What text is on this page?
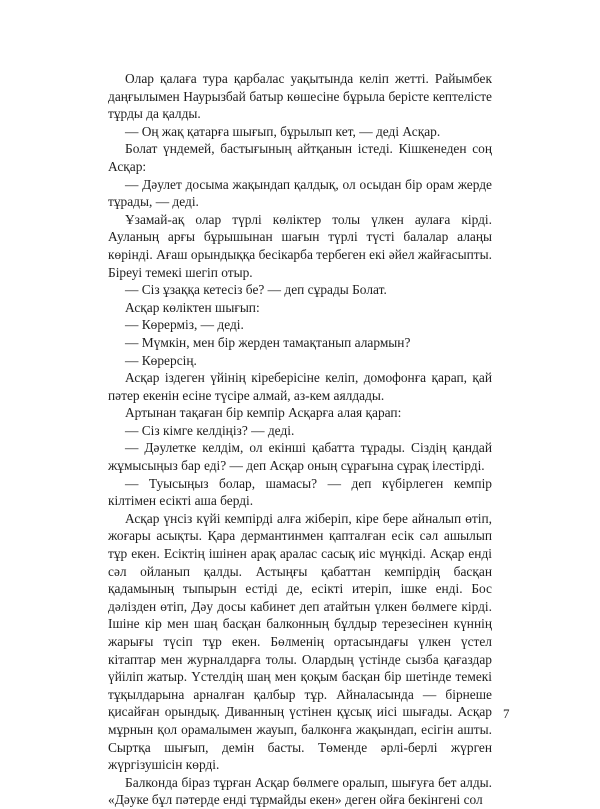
Олар қалаға тура қарбалас уақытында келіп жетті. Райымбек даңғылымен Наурызбай батыр көшесіне бұрыла берісте кептелісте тұрды да қалды.

— Оң жақ қатарға шығып, бұрылып кет, — деді Асқар.

Болат үндемей, бастығының айтқанын істеді. Кішкенеден соң Асқар:

— Дәулет досыма жақындап қалдық, ол осыдан бір орам жерде тұрады, — деді.

Ұзамай-ақ олар түрлі көліктер толы үлкен аулаға кірді. Ауланың арғы бұрышынан шағын түрлі түсті балалар алаңы көрінді. Ағаш орындыққа бесікарба тербеген екі әйел жайғасыпты. Біреуі темекі шегіп отыр.

— Сіз ұзаққа кетесіз бе? — деп сұрады Болат.

Асқар көліктен шығып:

— Көрерміз, — деді.

— Мүмкін, мен бір жерден тамақтанып алармын?

— Көрерсің.

Асқар іздеген үйінің кіреберісіне келіп, домофонға қарап, қай пәтер екенін есіне түсіре алмай, аз-кем аялдады.

Артынан тақаған бір кемпір Асқарға алая қарап:

— Сіз кімге келдіңіз? — деді.

— Дәулетке келдім, ол екінші қабатта тұрады. Сіздің қандай жұмысыңыз бар еді? — деп Асқар оның сұрағына сұрақ ілестірді.

— Туысыңыз болар, шамасы? — деп күбірлеген кемпір кілтімен есікті аша берді.

Асқар үнсіз күйі кемпірді алға жіберіп, кіре бере айналып өтіп, жоғары асықты. Қара дермантинмен қапталған есік сәл ашылып тұр екен. Есіктің ішінен арақ аралас сасық иіс мүңкіді. Асқар енді сәл ойланып қалды. Астыңғы қабаттан кемпірдің басқан қадамының тыпырын естіді де, есікті итеріп, ішке енді. Бос дәлізден өтіп, Дәу досы кабинет деп атайтын үлкен бөлмеге кірді. Ішіне кір мен шаң басқан балконның бұлдыр терезесінен күннің жарығы түсіп тұр екен. Бөлменің ортасындағы үлкен үстел кітаптар мен журналдарға толы. Олардың үстінде сызба қағаздар үйіліп жатыр. Үстелдің шаң мен қоқым басқан бір шетінде темекі тұқылдарына арналған қалбыр тұр. Айналасында — бірнеше қисайған орындық. Диванның үстінен құсық иісі шығады. Асқар мұрнын қол орамалымен жауып, балконға жақындап, есігін ашты. Сыртқа шығып, демін басты. Төменде әрлі-берлі жүрген жүргізушісін көрді.

Балконда біраз тұрған Асқар бөлмеге оралып, шығуға бет алды. «Дәуке бұл пәтерде енді тұрмайды екен» деген ойға бекінгені сол

7
